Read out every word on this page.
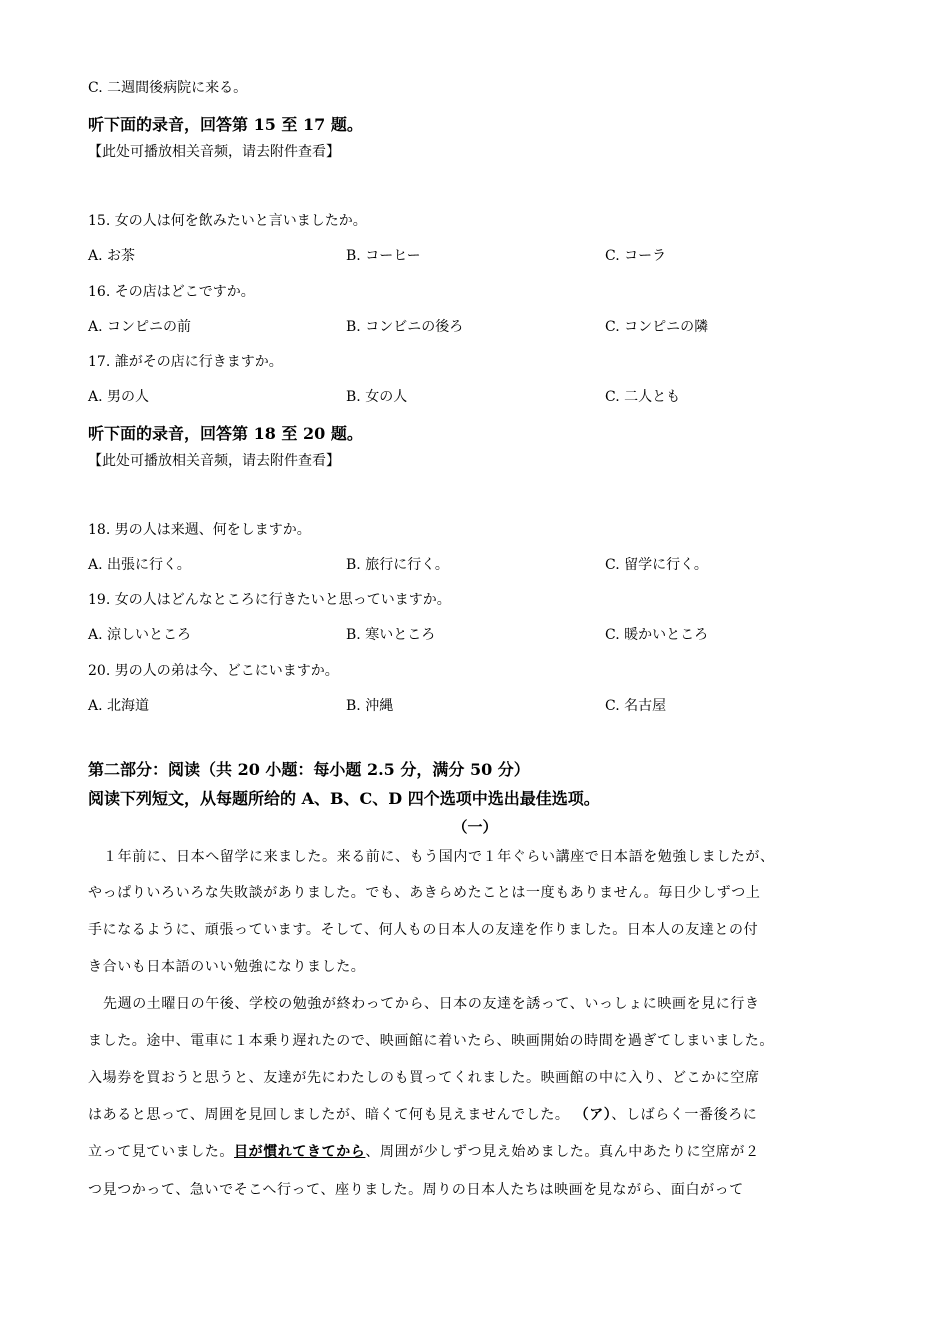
C. 二週間後病院に来る。
听下面的录音，回答第 15 至 17 题。
【此处可播放相关音频，请去附件查看】
15. 女の人は何を飲みたいと言いましたか。
A. お茶	B. コーヒー	C. コーラ
16. その店はどこですか。
A. コンピニの前	B. コンビニの後ろ	C. コンピニの隣
17. 誰がその店に行きますか。
A. 男の人	B. 女の人	C. 二人とも
听下面的录音，回答第 18 至 20 题。
【此处可播放相关音频，请去附件查看】
18. 男の人は来週、何をしますか。
A. 出張に行く。	B. 旅行に行く。	C. 留学に行く。
19. 女の人はどんなところに行きたいと思っていますか。
A. 涼しいところ	B. 寒いところ	C. 暖かいところ
20. 男の人の弟は今、どこにいますか。
A. 北海道	B. 沖縄	C. 名古屋
第二部分：阅读（共 20 小题：每小题 2.5 分，满分 50 分）
阅读下列短文，从每题所给的 A、B、C、D 四个选项中选出最佳选项。
（一）
１年前に、日本へ留学に来ました。来る前に、もう国内で１年ぐらい講座で日本語を勉強しましたが、
やっぱりいろいろな失敗談がありました。でも、あきらめたことは一度もありません。毎日少しずつ上
手になるように、頑張っています。そして、何人もの日本人の友達を作りました。日本人の友達との付
き合いも日本語のいい勉強になりました。
先週の土曜日の午後、学校の勉強が終わってから、日本の友達を誘って、いっしょに映画を見に行き
ました。途中、電車に１本乗り遅れたので、映画館に着いたら、映画開始の時間を過ぎてしまいました。
入場券を買おうと思うと、友達が先にわたしのも買ってくれました。映画館の中に入り、どこかに空席
はあると思って、周囲を見回しましたが、暗くて何も見えませんでした。 （ア）、しばらく一番後ろに
立って見ていました。目が慣れてきてから、周囲が少しずつ見え始めました。真ん中あたりに空席が２
つ見つかって、急いでそこへ行って、座りました。周りの日本人たちは映画を見ながら、面白がって
